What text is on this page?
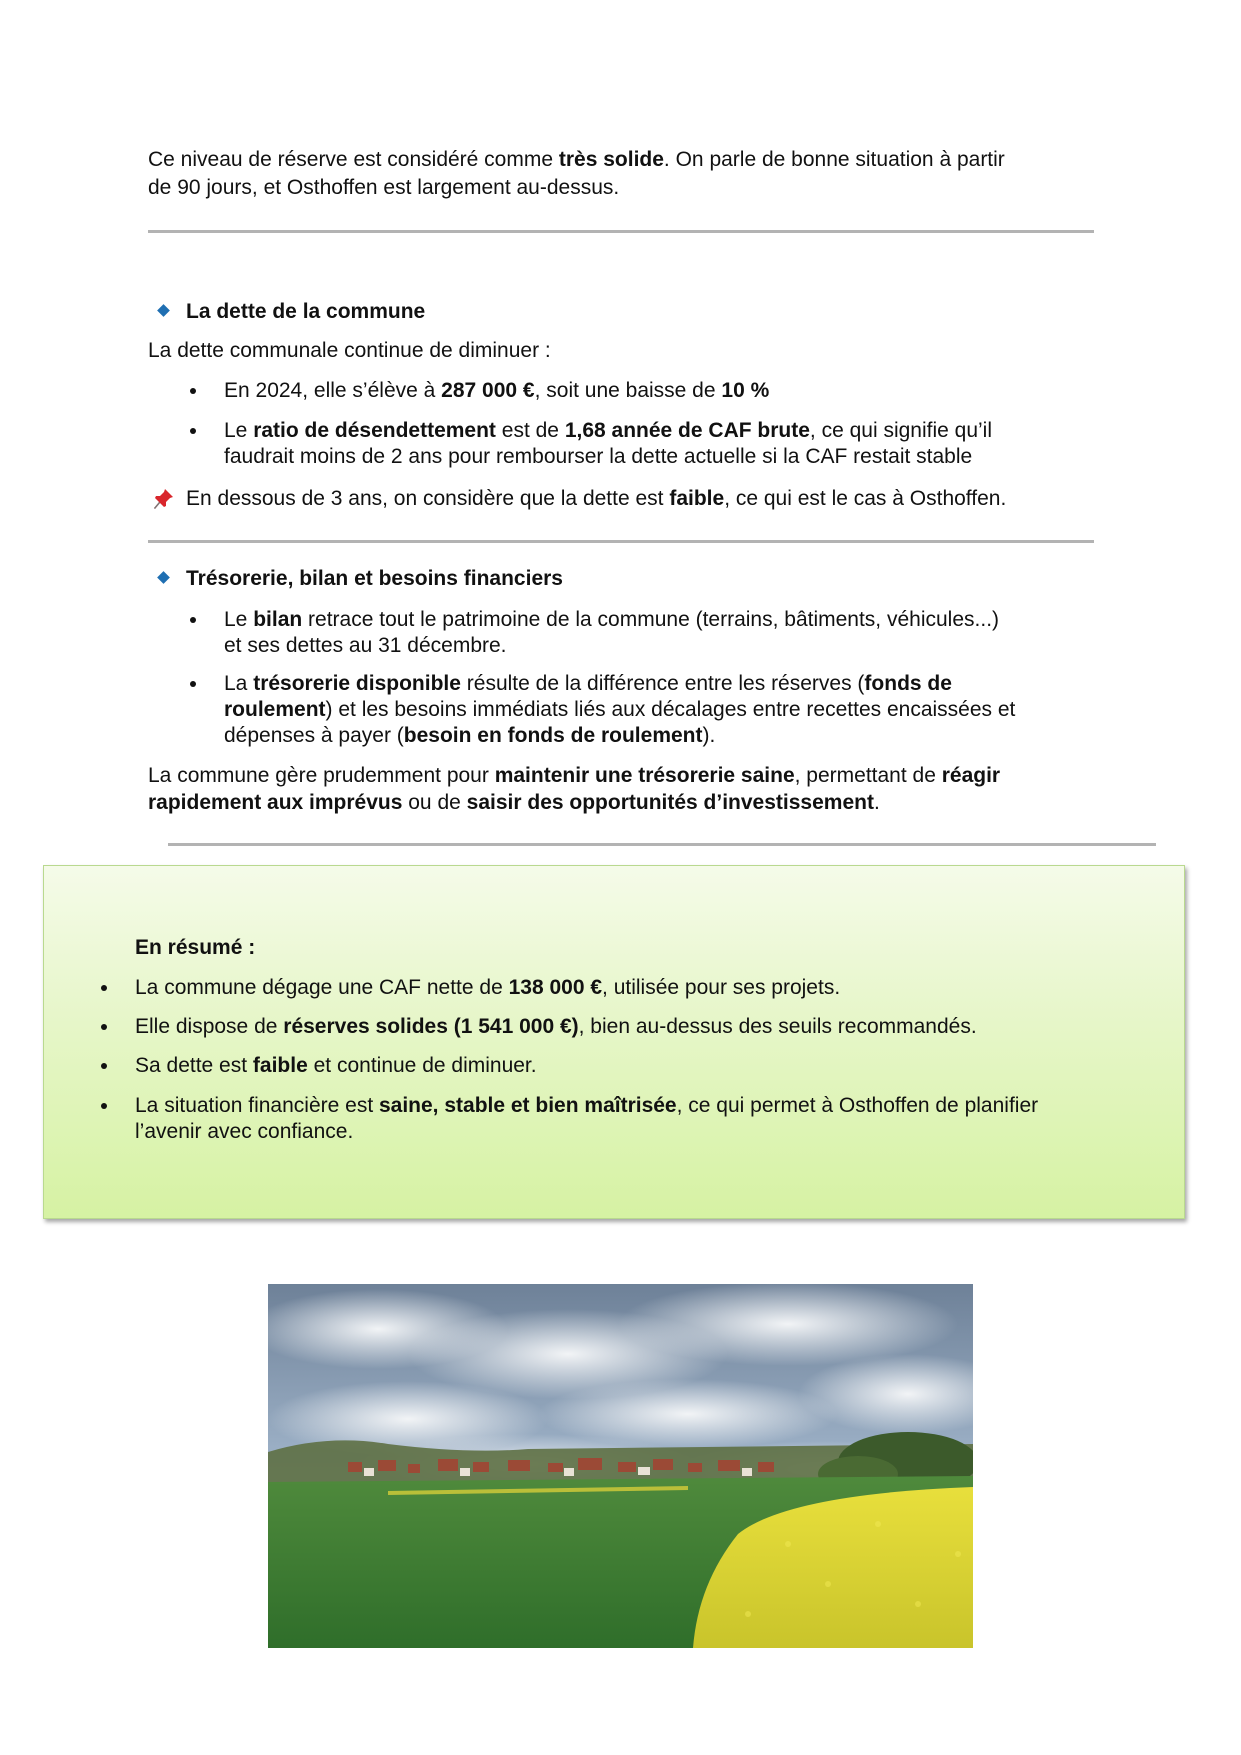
Ce niveau de réserve est considéré comme très solide. On parle de bonne situation à partir
de 90 jours, et Osthoffen est largement au-dessus.
La dette de la commune
La dette communale continue de diminuer :
En 2024, elle s’élève à 287 000 €, soit une baisse de 10 %
Le ratio de désendettement est de 1,68 année de CAF brute, ce qui signifie qu’il
faudrait moins de 2 ans pour rembourser la dette actuelle si la CAF restait stable
En dessous de 3 ans, on considère que la dette est faible, ce qui est le cas à Osthoffen.
Trésorerie, bilan et besoins financiers
Le bilan retrace tout le patrimoine de la commune (terrains, bâtiments, véhicules...)
et ses dettes au 31 décembre.
La trésorerie disponible résulte de la différence entre les réserves (fonds de
roulement) et les besoins immédiats liés aux décalages entre recettes encaissées et
dépenses à payer (besoin en fonds de roulement).
La commune gère prudemment pour maintenir une trésorerie saine, permettant de réagir
rapidement aux imprévus ou de saisir des opportunités d’investissement.
En résumé :
La commune dégage une CAF nette de 138 000 €, utilisée pour ses projets.
Elle dispose de réserves solides (1 541 000 €), bien au-dessus des seuils recommandés.
Sa dette est faible et continue de diminuer.
La situation financière est saine, stable et bien maîtrisée, ce qui permet à Osthoffen de planifier
l’avenir avec confiance.
